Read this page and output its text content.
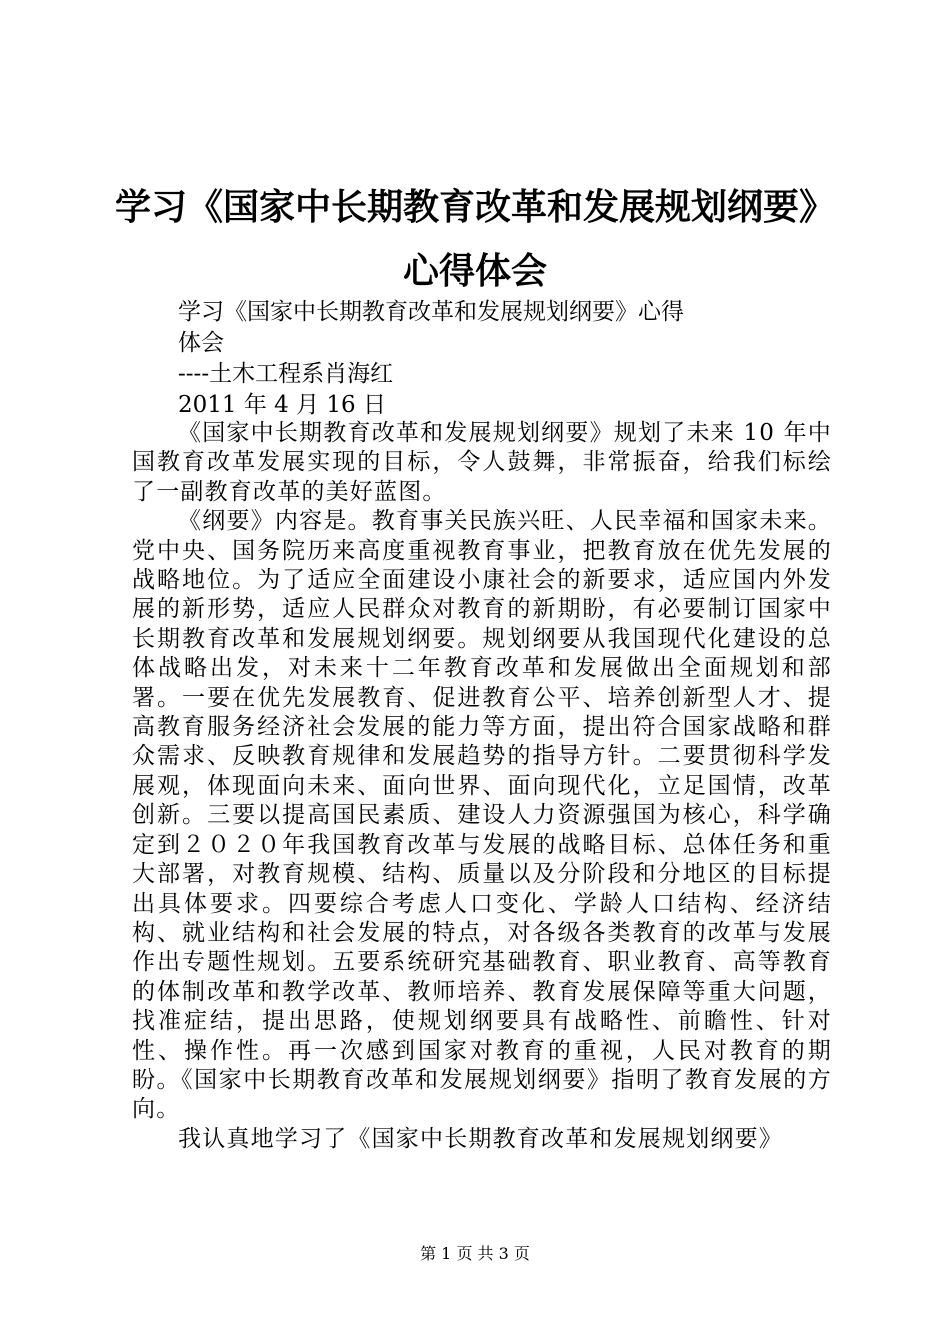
学习《国家中长期教育改革和发展规划纲要》
心得体会
学习《国家中长期教育改革和发展规划纲要》心得
体会
----土木工程系肖海红
2011 年 4 月 16 日

《国家中长期教育改革和发展规划纲要》规划了未来 10 年中国教育改革发展实现的目标，令人鼓舞，非常振奋，给我们标绘了一副教育改革的美好蓝图。

《纲要》内容是。教育事关民族兴旺、人民幸福和国家未来。党中央、国务院历来高度重视教育事业，把教育放在优先发展的战略地位。为了适应全面建设小康社会的新要求，适应国内外发展的新形势，适应人民群众对教育的新期盼，有必要制订国家中长期教育改革和发展规划纲要。规划纲要从我国现代化建设的总体战略出发，对未来十二年教育改革和发展做出全面规划和部署。一要在优先发展教育、促进教育公平、培养创新型人才、提高教育服务经济社会发展的能力等方面，提出符合国家战略和群众需求、反映教育规律和发展趋势的指导方针。二要贯彻科学发展观，体现面向未来、面向世界、面向现代化，立足国情，改革创新。三要以提高国民素质、建设人力资源强国为核心，科学确定到２０２０年我国教育改革与发展的战略目标、总体任务和重大部署，对教育规模、结构、质量以及分阶段和分地区的目标提出具体要求。四要综合考虑人口变化、学龄人口结构、经济结构、就业结构和社会发展的特点，对各级各类教育的改革与发展作出专题性规划。五要系统研究基础教育、职业教育、高等教育的体制改革和教学改革、教师培养、教育发展保障等重大问题，找准症结，提出思路，使规划纲要具有战略性、前瞻性、针对性、操作性。再一次感到国家对教育的重视，人民对教育的期盼。《国家中长期教育改革和发展规划纲要》指明了教育发展的方向。

我认真地学习了《国家中长期教育改革和发展规划纲要》

第 1 页 共 3 页
